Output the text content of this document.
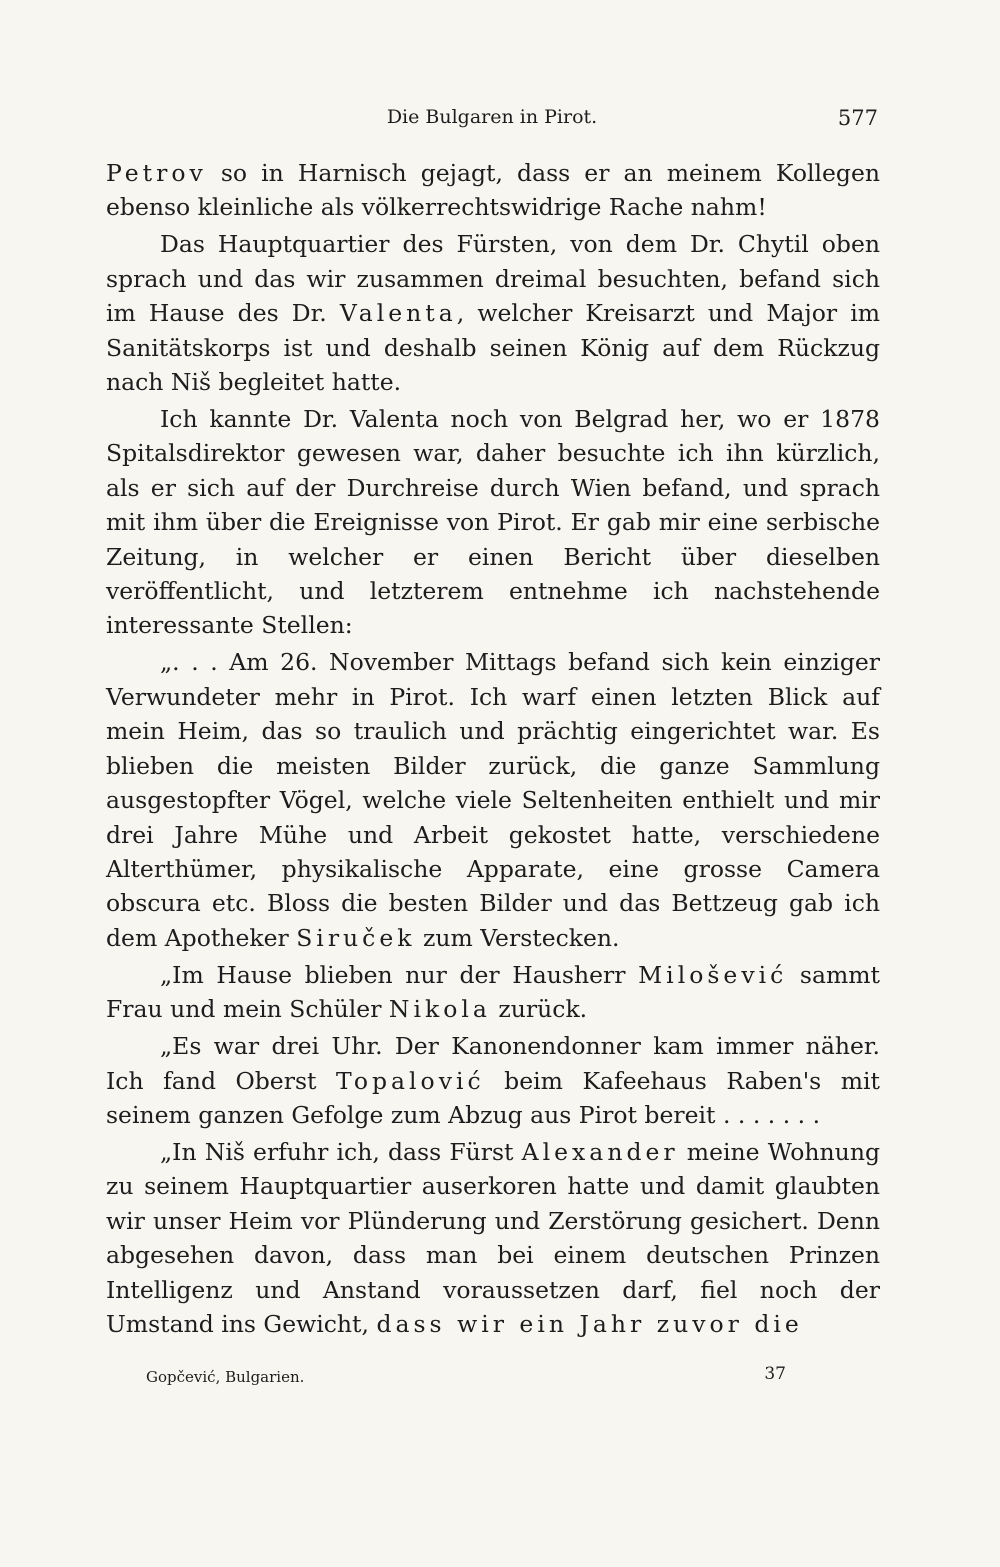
Die Bulgaren in Pirot.	577

Petrov so in Harnisch gejagt, dass er an meinem Kollegen ebenso kleinliche als völkerrechtswidrige Rache nahm!

Das Hauptquartier des Fürsten, von dem Dr. Chytil oben sprach und das wir zusammen dreimal besuchten, befand sich im Hause des Dr. Valenta, welcher Kreisarzt und Major im Sanitätskorps ist und deshalb seinen König auf dem Rückzug nach Niš begleitet hatte.

Ich kannte Dr. Valenta noch von Belgrad her, wo er 1878 Spitalsdirektor gewesen war, daher besuchte ich ihn kürzlich, als er sich auf der Durchreise durch Wien befand, und sprach mit ihm über die Ereignisse von Pirot. Er gab mir eine serbische Zeitung, in welcher er einen Bericht über dieselben veröffentlicht, und letzterem entnehme ich nachstehende interessante Stellen:

„. . . Am 26. November Mittags befand sich kein einziger Verwundeter mehr in Pirot. Ich warf einen letzten Blick auf mein Heim, das so traulich und prächtig eingerichtet war. Es blieben die meisten Bilder zurück, die ganze Sammlung ausgestopfter Vögel, welche viele Seltenheiten enthielt und mir drei Jahre Mühe und Arbeit gekostet hatte, verschiedene Alterthümer, physikalische Apparate, eine grosse Camera obscura etc. Bloss die besten Bilder und das Bettzeug gab ich dem Apotheker Siruček zum Verstecken.

„Im Hause blieben nur der Hausherr Milošević sammt Frau und mein Schüler Nikola zurück.

„Es war drei Uhr. Der Kanonendonner kam immer näher. Ich fand Oberst Topalović beim Kafeehaus Raben's mit seinem ganzen Gefolge zum Abzug aus Pirot bereit . . . . . . .

„In Niš erfuhr ich, dass Fürst Alexander meine Wohnung zu seinem Hauptquartier auserkoren hatte und damit glaubten wir unser Heim vor Plünderung und Zerstörung gesichert. Denn abgesehen davon, dass man bei einem deutschen Prinzen Intelligenz und Anstand voraussetzen darf, fiel noch der Umstand ins Gewicht, dass wir ein Jahr zuvor die

Gopčević, Bulgarien.	37
